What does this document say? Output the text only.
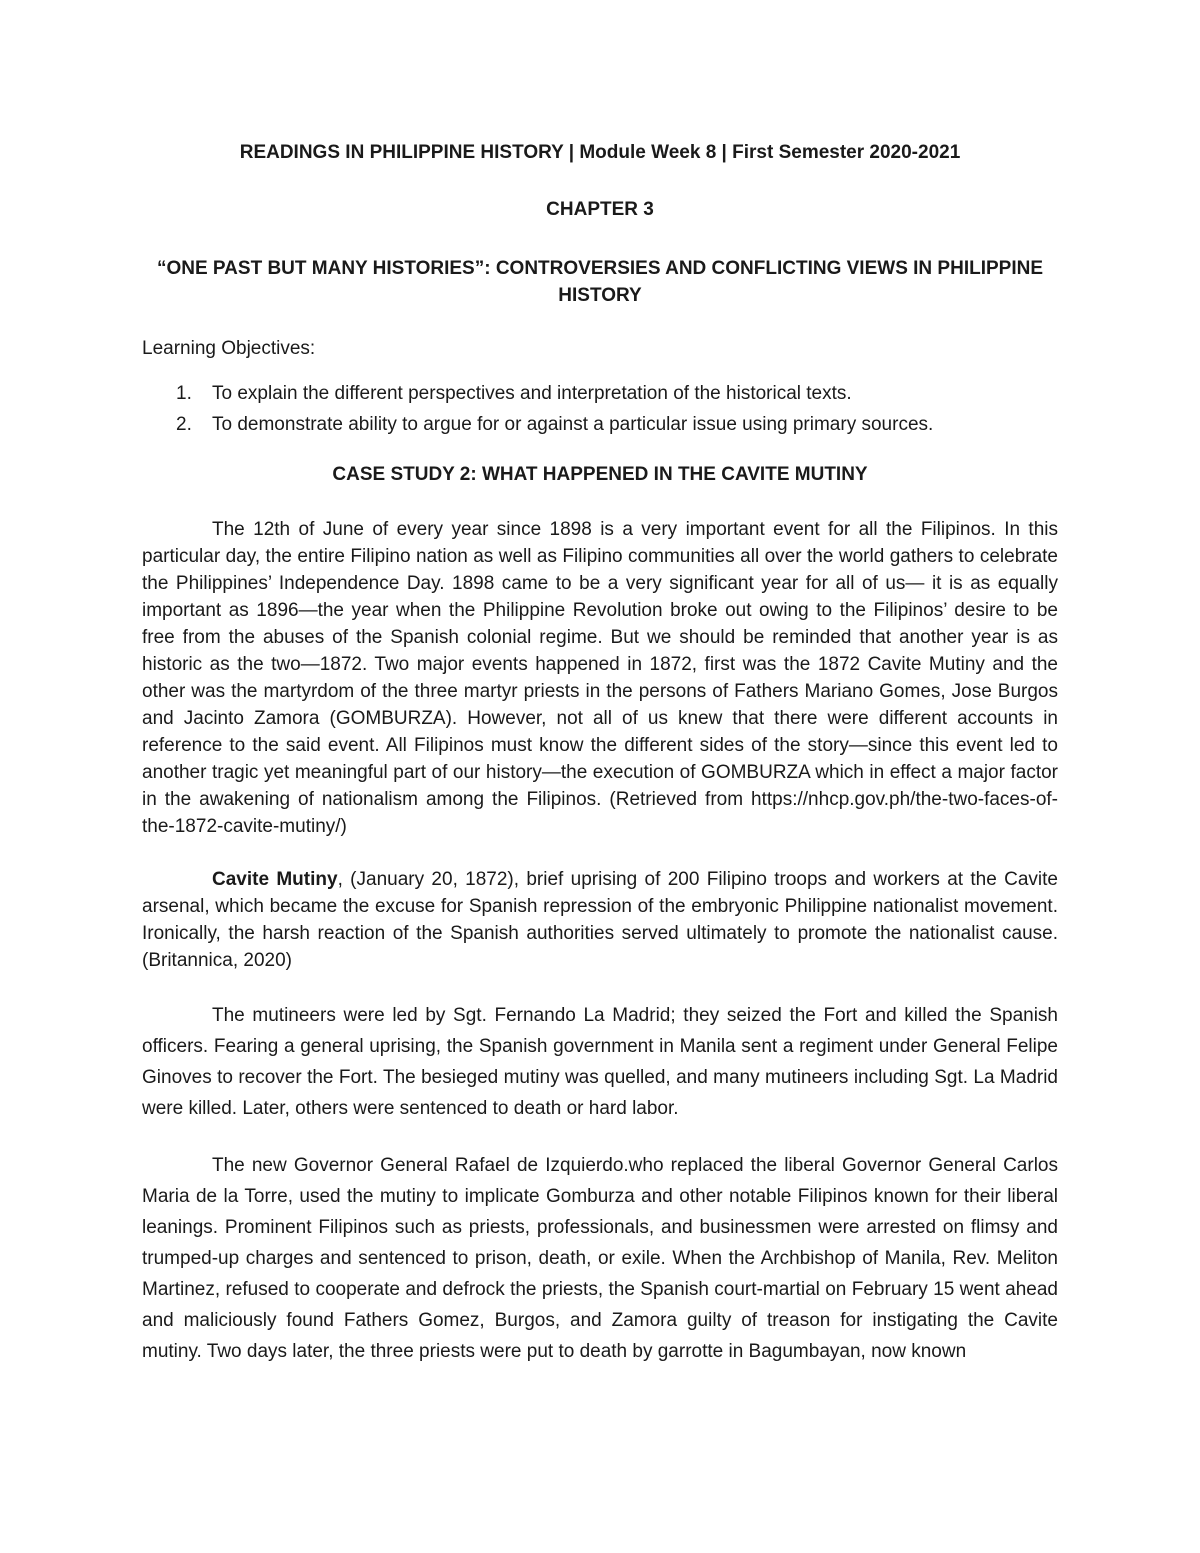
READINGS IN PHILIPPINE HISTORY | Module Week 8 | First Semester 2020-2021
CHAPTER 3
“ONE PAST BUT MANY HISTORIES”: CONTROVERSIES AND CONFLICTING VIEWS IN PHILIPPINE HISTORY
Learning Objectives:
1. To explain the different perspectives and interpretation of the historical texts.
2. To demonstrate ability to argue for or against a particular issue using primary sources.
CASE STUDY 2: WHAT HAPPENED IN THE CAVITE MUTINY

The 12th of June of every year since 1898 is a very important event for all the Filipinos. In this particular day, the entire Filipino nation as well as Filipino communities all over the world gathers to celebrate the Philippines’ Independence Day. 1898 came to be a very significant year for all of us— it is as equally important as 1896—the year when the Philippine Revolution broke out owing to the Filipinos’ desire to be free from the abuses of the Spanish colonial regime. But we should be reminded that another year is as historic as the two—1872. Two major events happened in 1872, first was the 1872 Cavite Mutiny and the other was the martyrdom of the three martyr priests in the persons of Fathers Mariano Gomes, Jose Burgos and Jacinto Zamora (GOMBURZA). However, not all of us knew that there were different accounts in reference to the said event. All Filipinos must know the different sides of the story—since this event led to another tragic yet meaningful part of our history—the execution of GOMBURZA which in effect a major factor in the awakening of nationalism among the Filipinos. (Retrieved from https://nhcp.gov.ph/the-two-faces-of-the-1872-cavite-mutiny/)

Cavite Mutiny, (January 20, 1872), brief uprising of 200 Filipino troops and workers at the Cavite arsenal, which became the excuse for Spanish repression of the embryonic Philippine nationalist movement. Ironically, the harsh reaction of the Spanish authorities served ultimately to promote the nationalist cause. (Britannica, 2020)

The mutineers were led by Sgt. Fernando La Madrid; they seized the Fort and killed the Spanish officers. Fearing a general uprising, the Spanish government in Manila sent a regiment under General Felipe Ginoves to recover the Fort. The besieged mutiny was quelled, and many mutineers including Sgt. La Madrid were killed. Later, others were sentenced to death or hard labor.

The new Governor General Rafael de Izquierdo.who replaced the liberal Governor General Carlos Maria de la Torre, used the mutiny to implicate Gomburza and other notable Filipinos known for their liberal leanings. Prominent Filipinos such as priests, professionals, and businessmen were arrested on flimsy and trumped-up charges and sentenced to prison, death, or exile. When the Archbishop of Manila, Rev. Meliton Martinez, refused to cooperate and defrock the priests, the Spanish court-martial on February 15 went ahead and maliciously found Fathers Gomez, Burgos, and Zamora guilty of treason for instigating the Cavite mutiny. Two days later, the three priests were put to death by garrotte in Bagumbayan, now known
